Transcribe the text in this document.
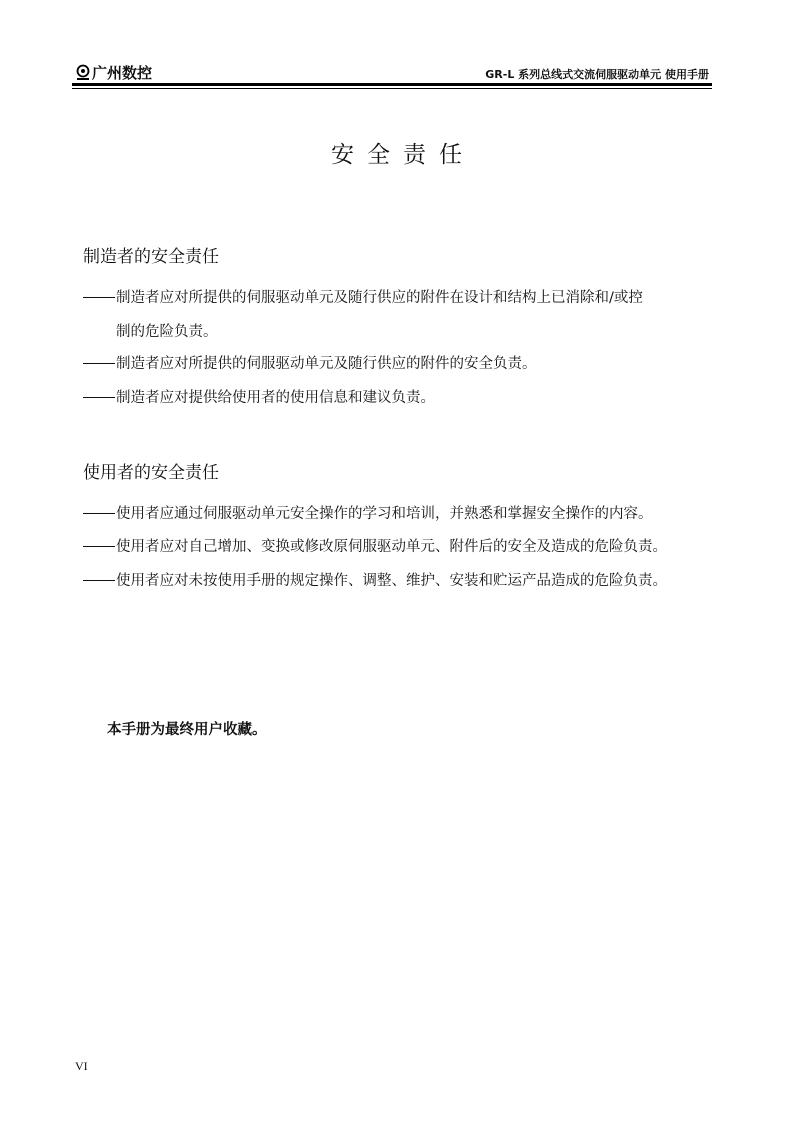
广州数控	GR-L 系列总线式交流伺服驱动单元 使用手册
安全责任
制造者的安全责任
制造者应对所提供的伺服驱动单元及随行供应的附件在设计和结构上已消除和/或控
制的危险负责。
制造者应对所提供的伺服驱动单元及随行供应的附件的安全负责。
制造者应对提供给使用者的使用信息和建议负责。
使用者的安全责任
使用者应通过伺服驱动单元安全操作的学习和培训，并熟悉和掌握安全操作的内容。
使用者应对自己增加、变换或修改原伺服驱动单元、附件后的安全及造成的危险负责。
使用者应对未按使用手册的规定操作、调整、维护、安装和贮运产品造成的危险负责。
本手册为最终用户收藏。
VI
